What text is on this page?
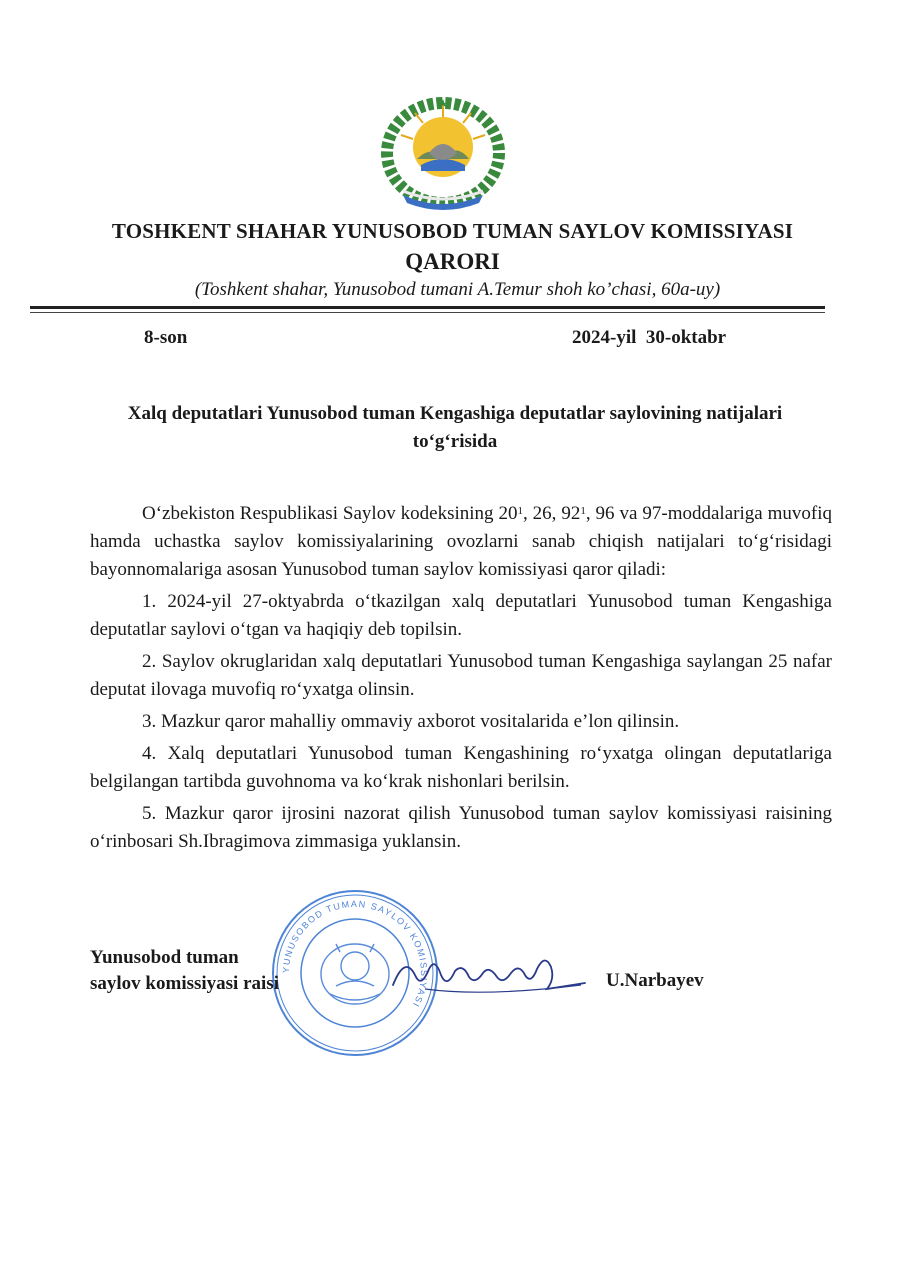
TOSHKENT SHAHAR YUNUSOBOD TUMAN SAYLOV KOMISSIYASI
QARORI
(Toshkent shahar, Yunusobod tumani A.Temur shoh ko’chasi, 60a-uy)
8-son	2024-yil  30-oktabr
Xalq deputatlari Yunusobod tuman Kengashiga deputatlar saylovining natijalari
to‘g‘risida

O‘zbekiston Respublikasi Saylov kodeksining $20^1$, 26, $92^1$, 96 va 97-moddalariga muvofiq hamda uchastka saylov komissiyalarining ovozlarni sanab chiqish natijalari to‘g‘risidagi bayonnomalariga asosan Yunusobod tuman saylov komissiyasi qaror qiladi:

1. 2024-yil 27-oktyabrda o‘tkazilgan xalq deputatlari Yunusobod tuman Kengashiga deputatlar saylovi o‘tgan va haqiqiy deb topilsin.

2. Saylov okruglaridan xalq deputatlari Yunusobod tuman Kengashiga saylangan 25 nafar deputat ilovaga muvofiq ro‘yxatga olinsin.

3. Mazkur qaror mahalliy ommaviy axborot vositalarida e’lon qilinsin.

4. Xalq deputatlari Yunusobod tuman Kengashining ro‘yxatga olingan deputatlariga belgilangan tartibda guvohnoma va ko‘krak nishonlari berilsin.

5. Mazkur qaror ijrosini nazorat qilish Yunusobod tuman saylov komissiyasi raisining o‘rinbosari Sh.Ibragimova zimmasiga yuklansin.

YUNUSOBOD TUMAN SAYLOV KOMISSIYASI
Yunusobod tuman
saylov komissiyasi raisi	U.Narbayev
